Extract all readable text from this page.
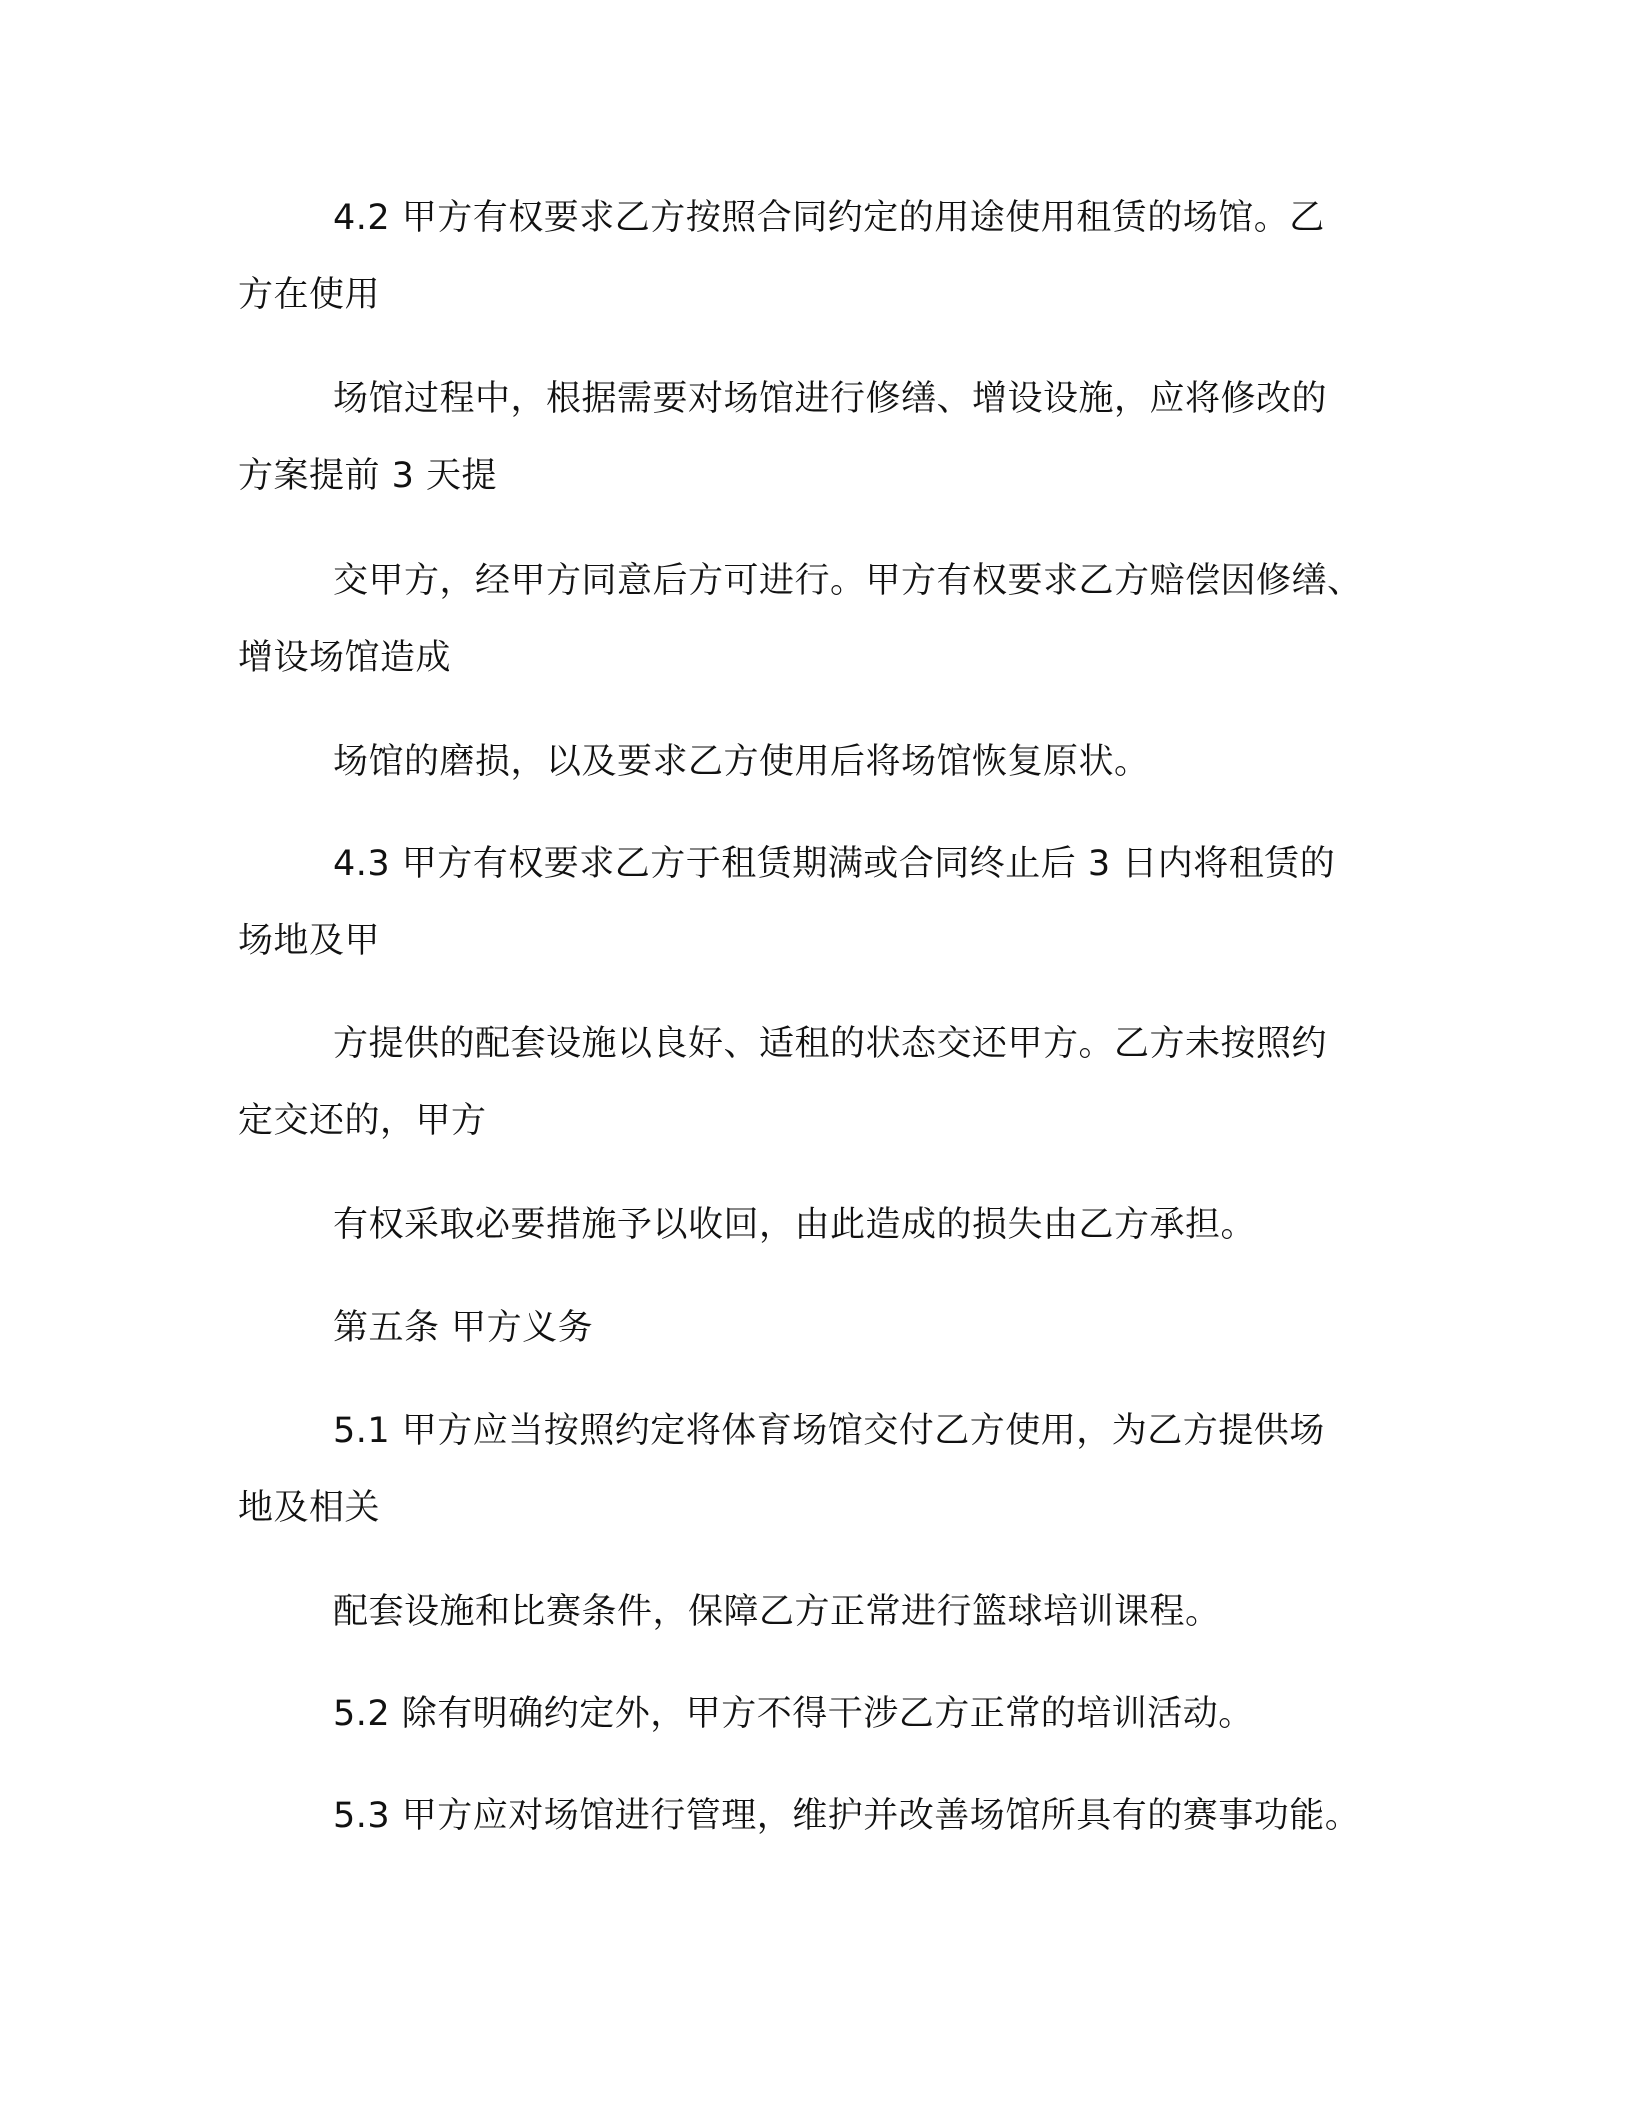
4.2 甲方有权要求乙方按照合同约定的用途使用租赁的场馆。乙
方在使用
场馆过程中，根据需要对场馆进行修缮、增设设施，应将修改的
方案提前 3 天提
交甲方，经甲方同意后方可进行。甲方有权要求乙方赔偿因修缮、
增设场馆造成
场馆的磨损，以及要求乙方使用后将场馆恢复原状。
4.3 甲方有权要求乙方于租赁期满或合同终止后 3 日内将租赁的
场地及甲
方提供的配套设施以良好、适租的状态交还甲方。乙方未按照约
定交还的，甲方
有权采取必要措施予以收回，由此造成的损失由乙方承担。
第五条 甲方义务
5.1 甲方应当按照约定将体育场馆交付乙方使用，为乙方提供场
地及相关
配套设施和比赛条件，保障乙方正常进行篮球培训课程。
5.2 除有明确约定外，甲方不得干涉乙方正常的培训活动。
5.3 甲方应对场馆进行管理，维护并改善场馆所具有的赛事功能。
